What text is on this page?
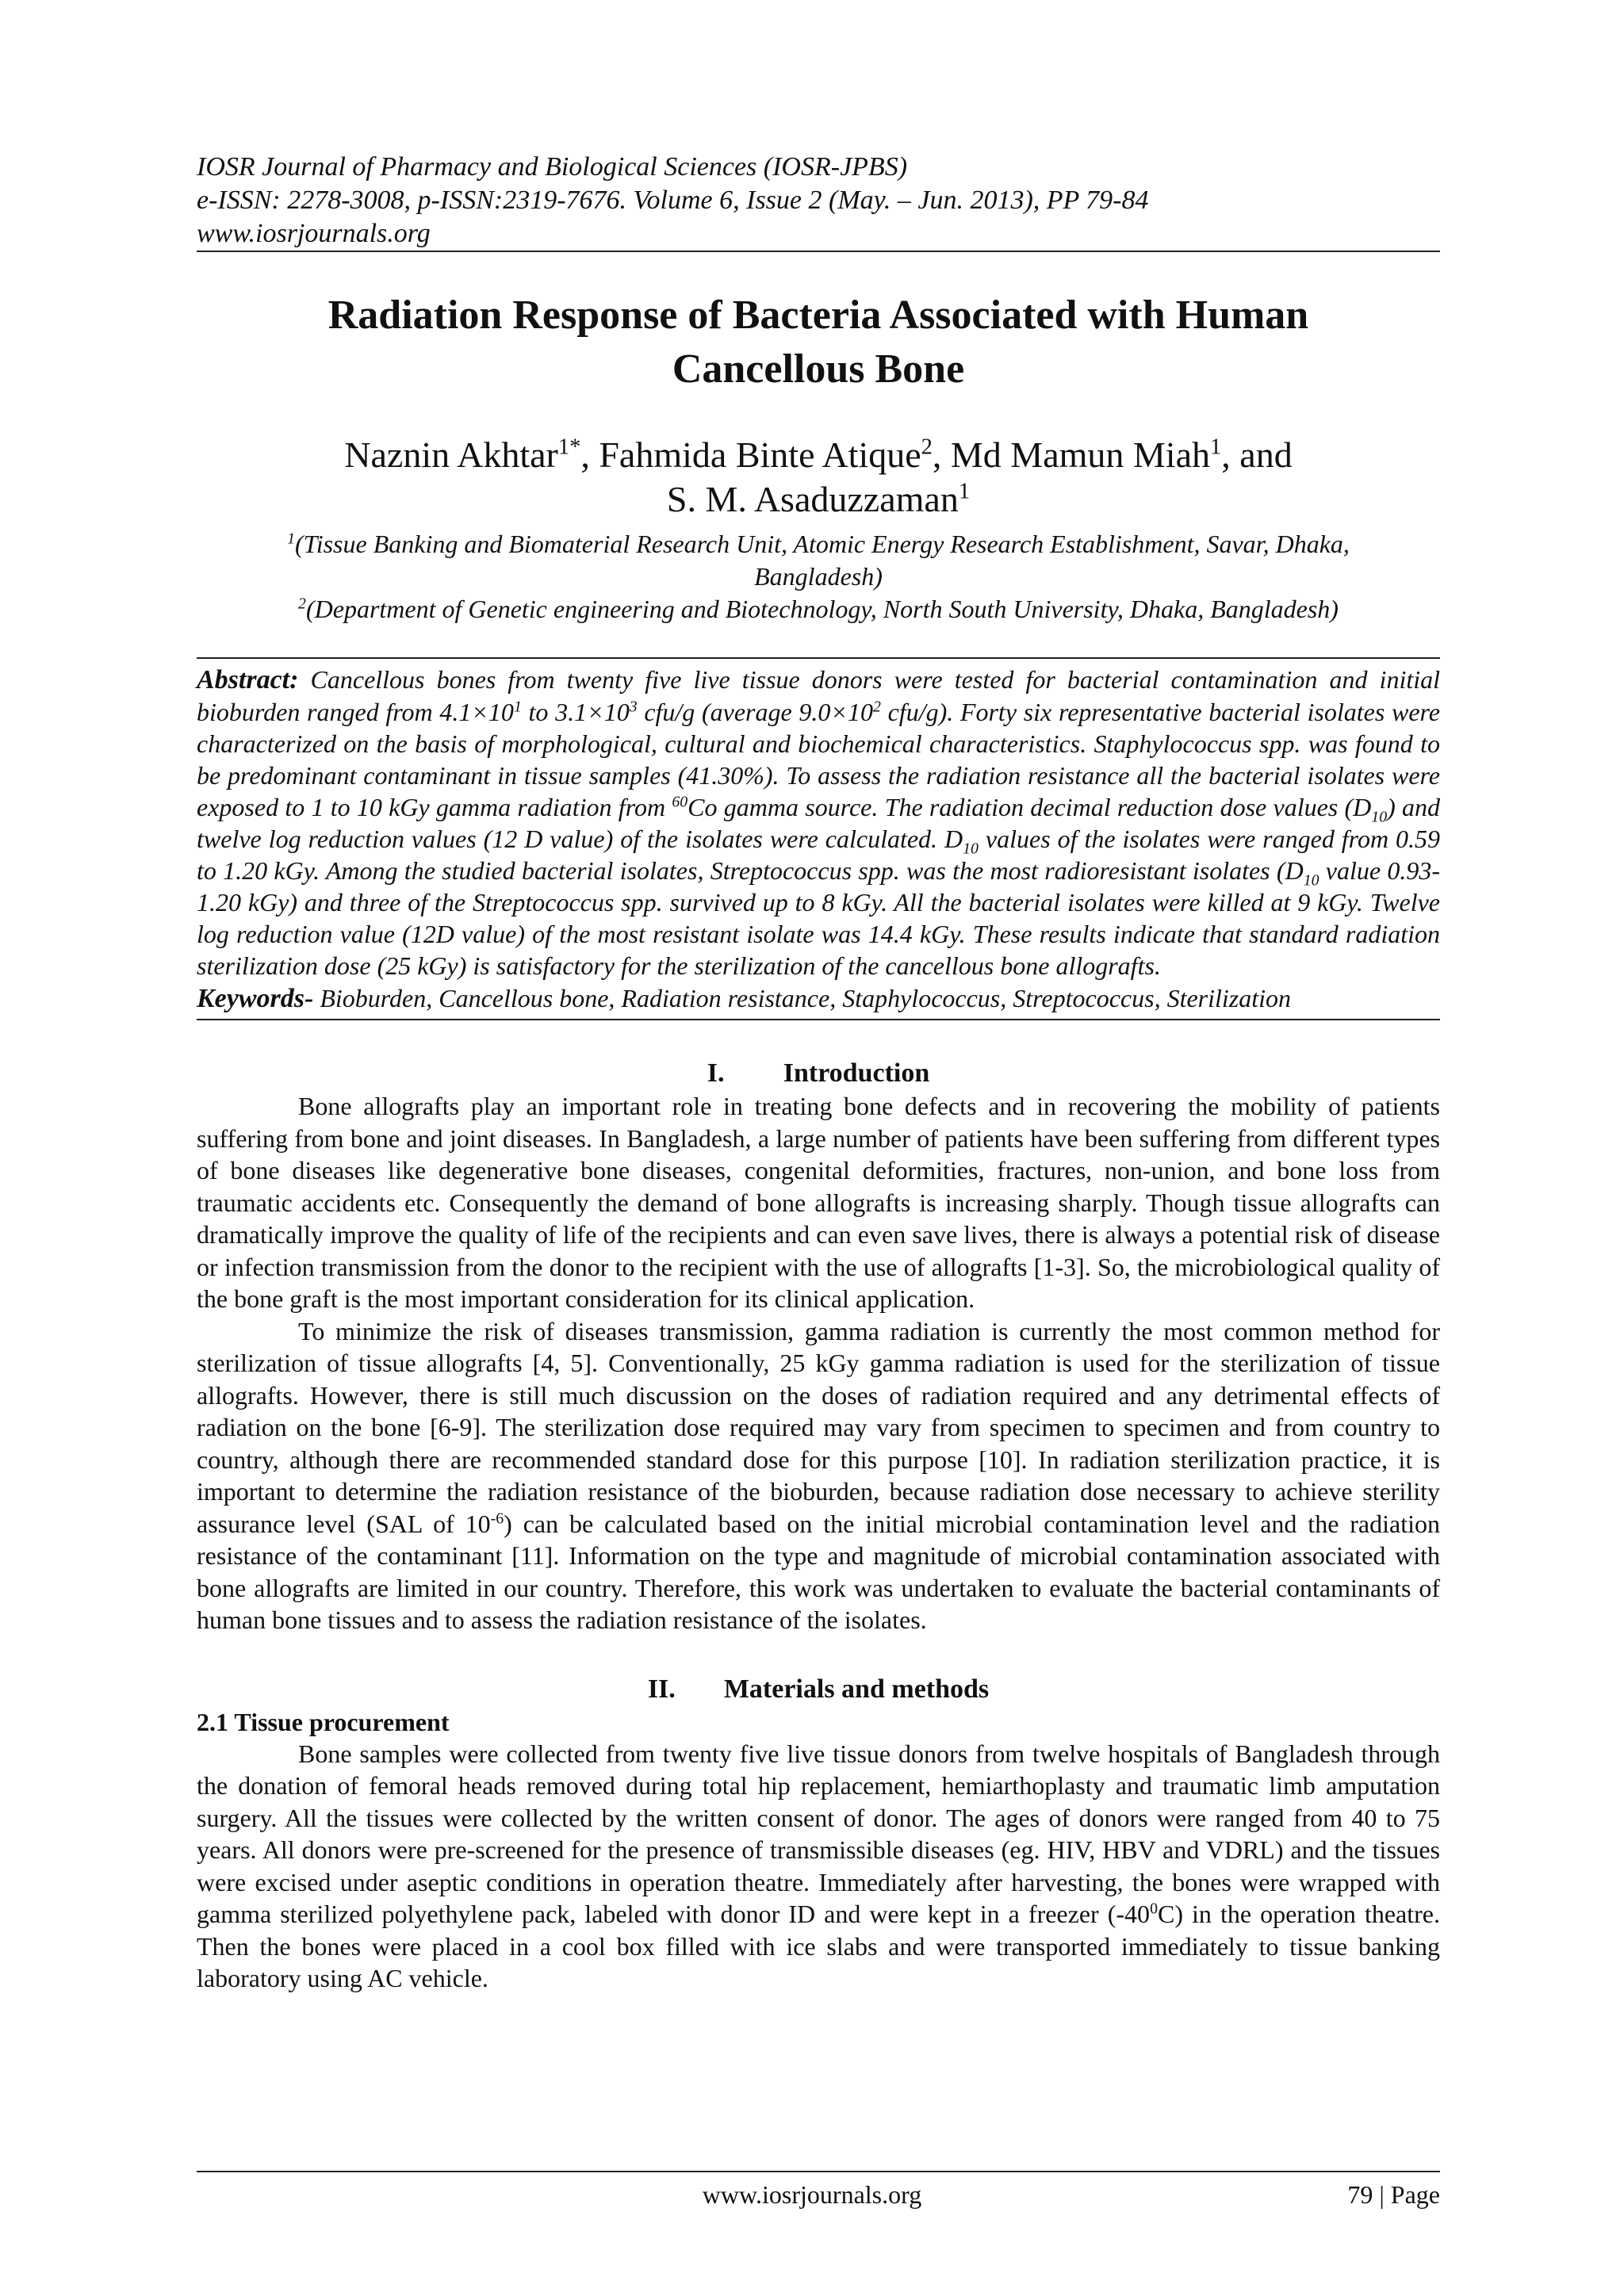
IOSR Journal of Pharmacy and Biological Sciences (IOSR-JPBS)
e-ISSN: 2278-3008, p-ISSN:2319-7676. Volume 6, Issue 2 (May. – Jun. 2013), PP 79-84
www.iosrjournals.org
Radiation Response of Bacteria Associated with Human
Cancellous Bone
Naznin Akhtar$^{1*}$, Fahmida Binte Atique$^2$, Md Mamun Miah$^1$, and
S. M. Asaduzzaman$^1$
$^1$(Tissue Banking and Biomaterial Research Unit, Atomic Energy Research Establishment, Savar, Dhaka,
Bangladesh)
$^2$(Department of Genetic engineering and Biotechnology, North South University, Dhaka, Bangladesh)
Abstract: Cancellous bones from twenty five live tissue donors were tested for bacterial contamination and initial bioburden ranged from $4.1\times 10^1$ to $3.1\times 10^3$ cfu/g (average $9.0\times 10^2$ cfu/g). Forty six representative bacterial isolates were characterized on the basis of morphological, cultural and biochemical characteristics. Staphylococcus spp. was found to be predominant contaminant in tissue samples (41.30%). To assess the radiation resistance all the bacterial isolates were exposed to 1 to 10 kGy gamma radiation from $^{60}$Co gamma source. The radiation decimal reduction dose values $(D_{10})$ and twelve log reduction values (12 D value) of the isolates were calculated. $D_{10}$ values of the isolates were ranged from 0.59 to 1.20 kGy. Among the studied bacterial isolates, Streptococcus spp. was the most radioresistant isolates ($D_{10}$ value 0.93-1.20 kGy) and three of the Streptococcus spp. survived up to 8 kGy. All the bacterial isolates were killed at 9 kGy. Twelve log reduction value (12D value) of the most resistant isolate was 14.4 kGy. These results indicate that standard radiation sterilization dose (25 kGy) is satisfactory for the sterilization of the cancellous bone allografts.
Keywords- Bioburden, Cancellous bone, Radiation resistance, Staphylococcus, Streptococcus, Sterilization
I. Introduction

Bone allografts play an important role in treating bone defects and in recovering the mobility of patients suffering from bone and joint diseases. In Bangladesh, a large number of patients have been suffering from different types of bone diseases like degenerative bone diseases, congenital deformities, fractures, non-union, and bone loss from traumatic accidents etc. Consequently the demand of bone allografts is increasing sharply. Though tissue allografts can dramatically improve the quality of life of the recipients and can even save lives, there is always a potential risk of disease or infection transmission from the donor to the recipient with the use of allografts [1-3]. So, the microbiological quality of the bone graft is the most important consideration for its clinical application.

To minimize the risk of diseases transmission, gamma radiation is currently the most common method for sterilization of tissue allografts [4, 5]. Conventionally, 25 kGy gamma radiation is used for the sterilization of tissue allografts. However, there is still much discussion on the doses of radiation required and any detrimental effects of radiation on the bone [6-9]. The sterilization dose required may vary from specimen to specimen and from country to country, although there are recommended standard dose for this purpose [10]. In radiation sterilization practice, it is important to determine the radiation resistance of the bioburden, because radiation dose necessary to achieve sterility assurance level (SAL of $10^{-6}$) can be calculated based on the initial microbial contamination level and the radiation resistance of the contaminant [11]. Information on the type and magnitude of microbial contamination associated with bone allografts are limited in our country. Therefore, this work was undertaken to evaluate the bacterial contaminants of human bone tissues and to assess the radiation resistance of the isolates.

II. Materials and methods
2.1 Tissue procurement

Bone samples were collected from twenty five live tissue donors from twelve hospitals of Bangladesh through the donation of femoral heads removed during total hip replacement, hemiarthoplasty and traumatic limb amputation surgery. All the tissues were collected by the written consent of donor. The ages of donors were ranged from 40 to 75 years. All donors were pre-screened for the presence of transmissible diseases (eg. HIV, HBV and VDRL) and the tissues were excised under aseptic conditions in operation theatre. Immediately after harvesting, the bones were wrapped with gamma sterilized polyethylene pack, labeled with donor ID and were kept in a freezer $(-40^0C)$ in the operation theatre. Then the bones were placed in a cool box filled with ice slabs and were transported immediately to tissue banking laboratory using AC vehicle.

www.iosrjournals.org	79 | Page
